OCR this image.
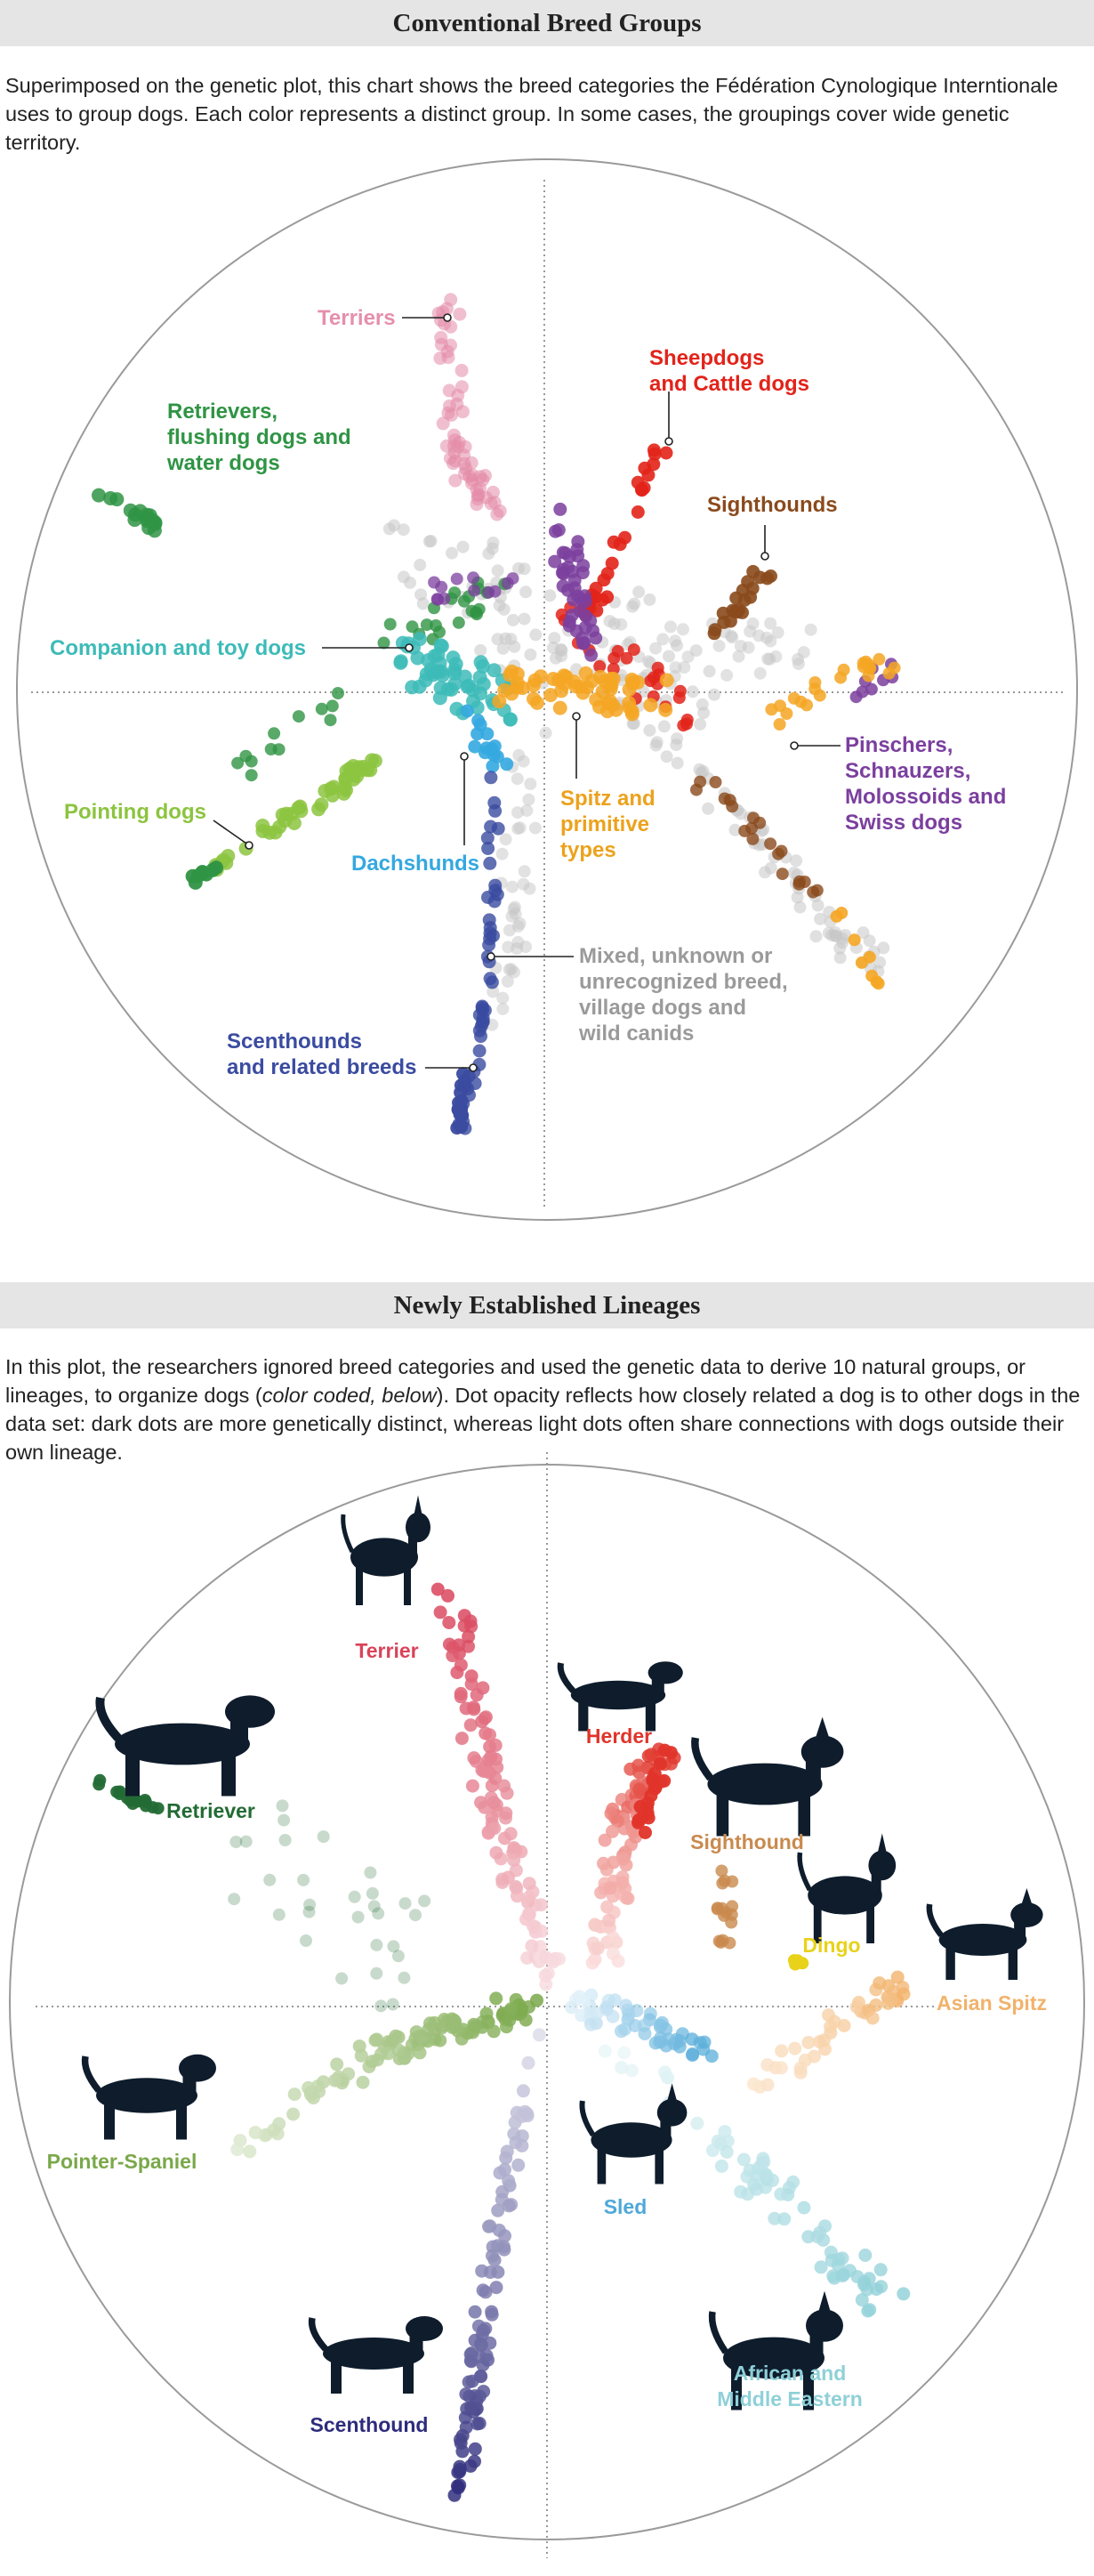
Conventional Breed Groups
Superimposed on the genetic plot, this chart shows the breed categories the Fédération Cynologique Interntionale uses to group dogs. Each color represents a distinct group. In some cases, the groupings cover wide genetic territory.
Terriers
Sheepdogs and Cattle dogs
Retrievers, flushing dogs and water dogs
Sighthounds
Companion and toy dogs
Pinschers, Schnauzers, Molossoids and Swiss dogs
Pointing dogs
Dachshunds
Spitz and primitive types
Mixed, unknown or unrecognized breed, village dogs and wild canids
Scenthounds and related breeds
Newly Established Lineages
In this plot, the researchers ignored breed categories and used the genetic data to derive 10 natural groups, or lineages, to organize dogs (color coded, below). Dot opacity reflects how closely related a dog is to other dogs in the data set: dark dots are more genetically distinct, whereas light dots often share connections with dogs outside their own lineage.
Terrier
Herder
Retriever
Sighthound
Dingo
Asian Spitz
Pointer-Spaniel
Sled
African and Middle Eastern
Scenthound
